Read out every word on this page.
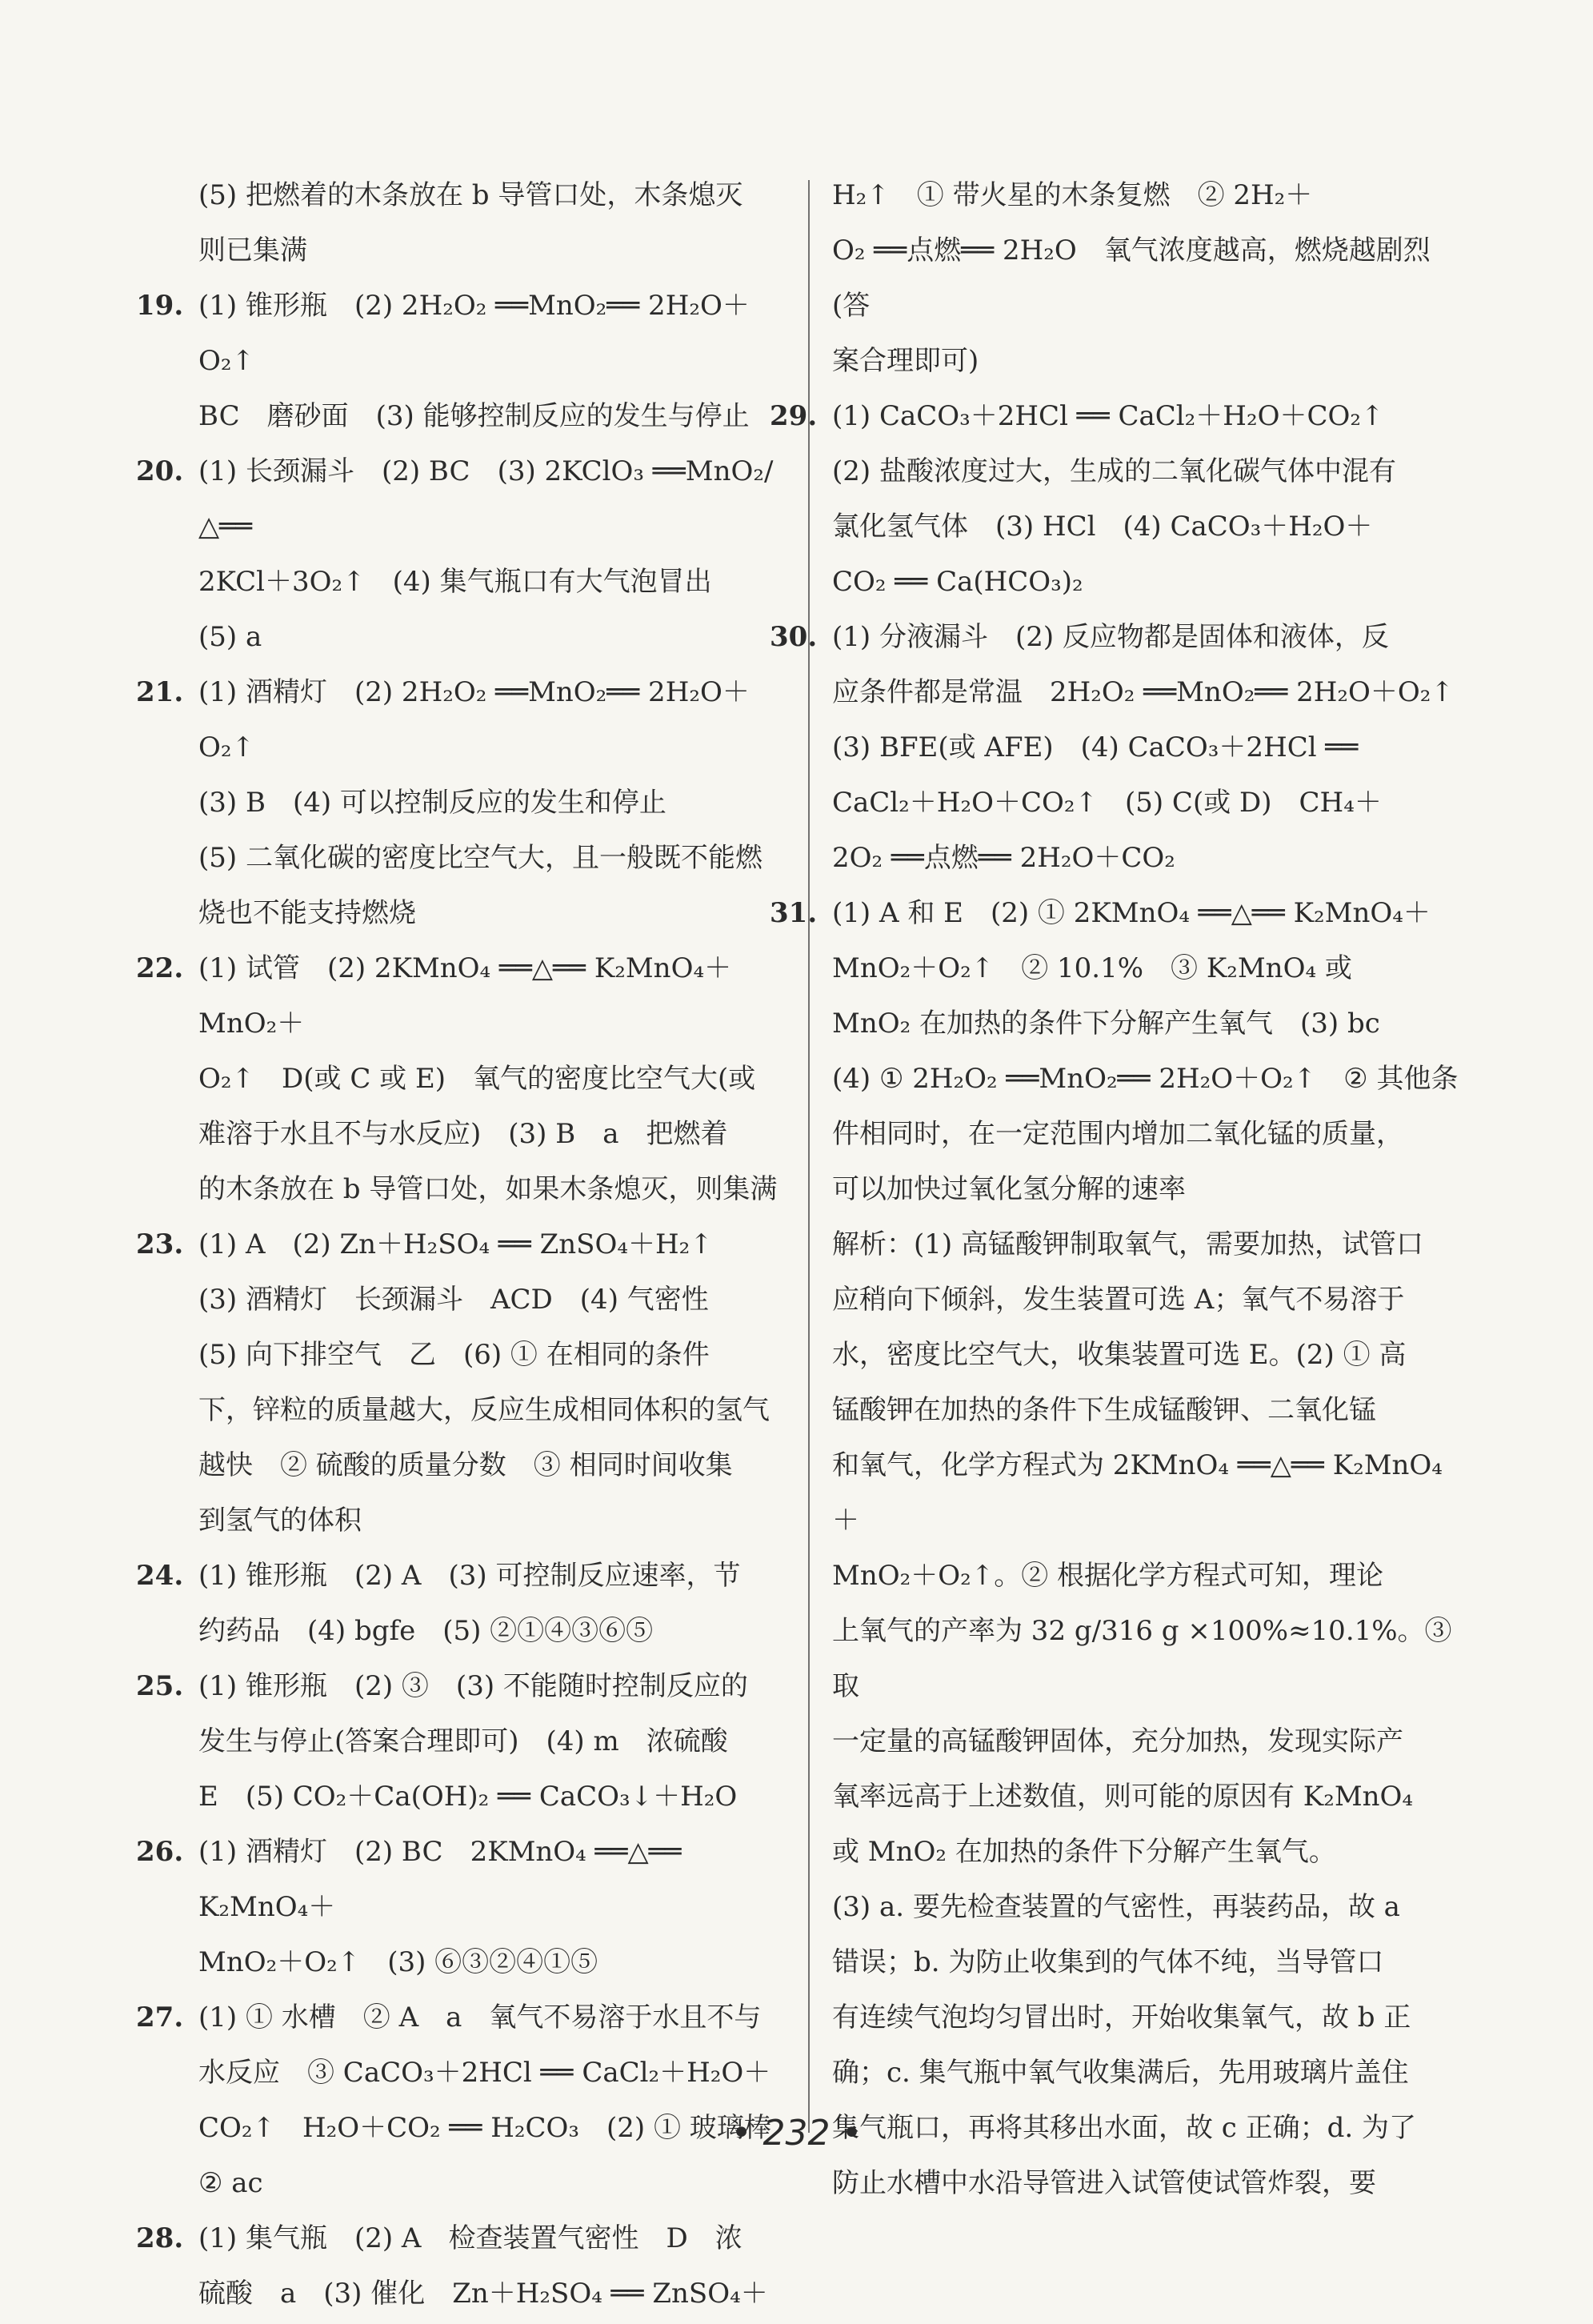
(5) 把燃着的木条放在 b 导管口处，木条熄灭

则已集满

19. (1) 锥形瓶　(2) 2H₂O₂ ══MnO₂══ 2H₂O＋O₂↑

BC　磨砂面　(3) 能够控制反应的发生与停止

20. (1) 长颈漏斗　(2) BC　(3) 2KClO₃ ══MnO₂/△══

2KCl＋3O₂↑　(4) 集气瓶口有大气泡冒出

(5) a

21. (1) 酒精灯　(2) 2H₂O₂ ══MnO₂══ 2H₂O＋O₂↑

(3) B　(4) 可以控制反应的发生和停止

(5) 二氧化碳的密度比空气大，且一般既不能燃

烧也不能支持燃烧

22. (1) 试管　(2) 2KMnO₄ ══△══ K₂MnO₄＋MnO₂＋

O₂↑　D(或 C 或 E)　氧气的密度比空气大(或

难溶于水且不与水反应)　(3) B　a　把燃着

的木条放在 b 导管口处，如果木条熄灭，则集满

23. (1) A　(2) Zn＋H₂SO₄ ══ ZnSO₄＋H₂↑

(3) 酒精灯　长颈漏斗　ACD　(4) 气密性

(5) 向下排空气　乙　(6) ① 在相同的条件

下，锌粒的质量越大，反应生成相同体积的氢气

越快　② 硫酸的质量分数　③ 相同时间收集

到氢气的体积

24. (1) 锥形瓶　(2) A　(3) 可控制反应速率，节

约药品　(4) bgfe　(5) ②①④③⑥⑤

25. (1) 锥形瓶　(2) ③　(3) 不能随时控制反应的

发生与停止(答案合理即可)　(4) m　浓硫酸

E　(5) CO₂＋Ca(OH)₂ ══ CaCO₃↓＋H₂O

26. (1) 酒精灯　(2) BC　2KMnO₄ ══△══ K₂MnO₄＋

MnO₂＋O₂↑　(3) ⑥③②④①⑤

27. (1) ① 水槽　② A　a　氧气不易溶于水且不与

水反应　③ CaCO₃＋2HCl ══ CaCl₂＋H₂O＋

CO₂↑　H₂O＋CO₂ ══ H₂CO₃　(2) ① 玻璃棒

② ac

28. (1) 集气瓶　(2) A　检查装置气密性　D　浓

硫酸　a　(3) 催化　Zn＋H₂SO₄ ══ ZnSO₄＋

H₂↑　① 带火星的木条复燃　② 2H₂＋

O₂ ══点燃══ 2H₂O　氧气浓度越高，燃烧越剧烈(答

案合理即可)

29. (1) CaCO₃＋2HCl ══ CaCl₂＋H₂O＋CO₂↑

(2) 盐酸浓度过大，生成的二氧化碳气体中混有

氯化氢气体　(3) HCl　(4) CaCO₃＋H₂O＋

CO₂ ══ Ca(HCO₃)₂

30. (1) 分液漏斗　(2) 反应物都是固体和液体，反

应条件都是常温　2H₂O₂ ══MnO₂══ 2H₂O＋O₂↑

(3) BFE(或 AFE)　(4) CaCO₃＋2HCl ══

CaCl₂＋H₂O＋CO₂↑　(5) C(或 D)　CH₄＋

2O₂ ══点燃══ 2H₂O＋CO₂

31. (1) A 和 E　(2) ① 2KMnO₄ ══△══ K₂MnO₄＋

MnO₂＋O₂↑　② 10.1%　③ K₂MnO₄ 或

MnO₂ 在加热的条件下分解产生氧气　(3) bc

(4) ① 2H₂O₂ ══MnO₂══ 2H₂O＋O₂↑　② 其他条

件相同时，在一定范围内增加二氧化锰的质量，

可以加快过氧化氢分解的速率

解析：(1) 高锰酸钾制取氧气，需要加热，试管口

应稍向下倾斜，发生装置可选 A；氧气不易溶于

水，密度比空气大，收集装置可选 E。(2) ① 高

锰酸钾在加热的条件下生成锰酸钾、二氧化锰

和氧气，化学方程式为 2KMnO₄ ══△══ K₂MnO₄＋

MnO₂＋O₂↑。② 根据化学方程式可知，理论

上氧气的产率为 32 g/316 g ×100%≈10.1%。③ 取

一定量的高锰酸钾固体，充分加热，发现实际产

氧率远高于上述数值，则可能的原因有 K₂MnO₄

或 MnO₂ 在加热的条件下分解产生氧气。

(3) a. 要先检查装置的气密性，再装药品，故 a

错误；b. 为防止收集到的气体不纯，当导管口

有连续气泡均匀冒出时，开始收集氧气，故 b 正

确；c. 集气瓶中氧气收集满后，先用玻璃片盖住

集气瓶口，再将其移出水面，故 c 正确；d. 为了

防止水槽中水沿导管进入试管使试管炸裂，要

• 232 •
